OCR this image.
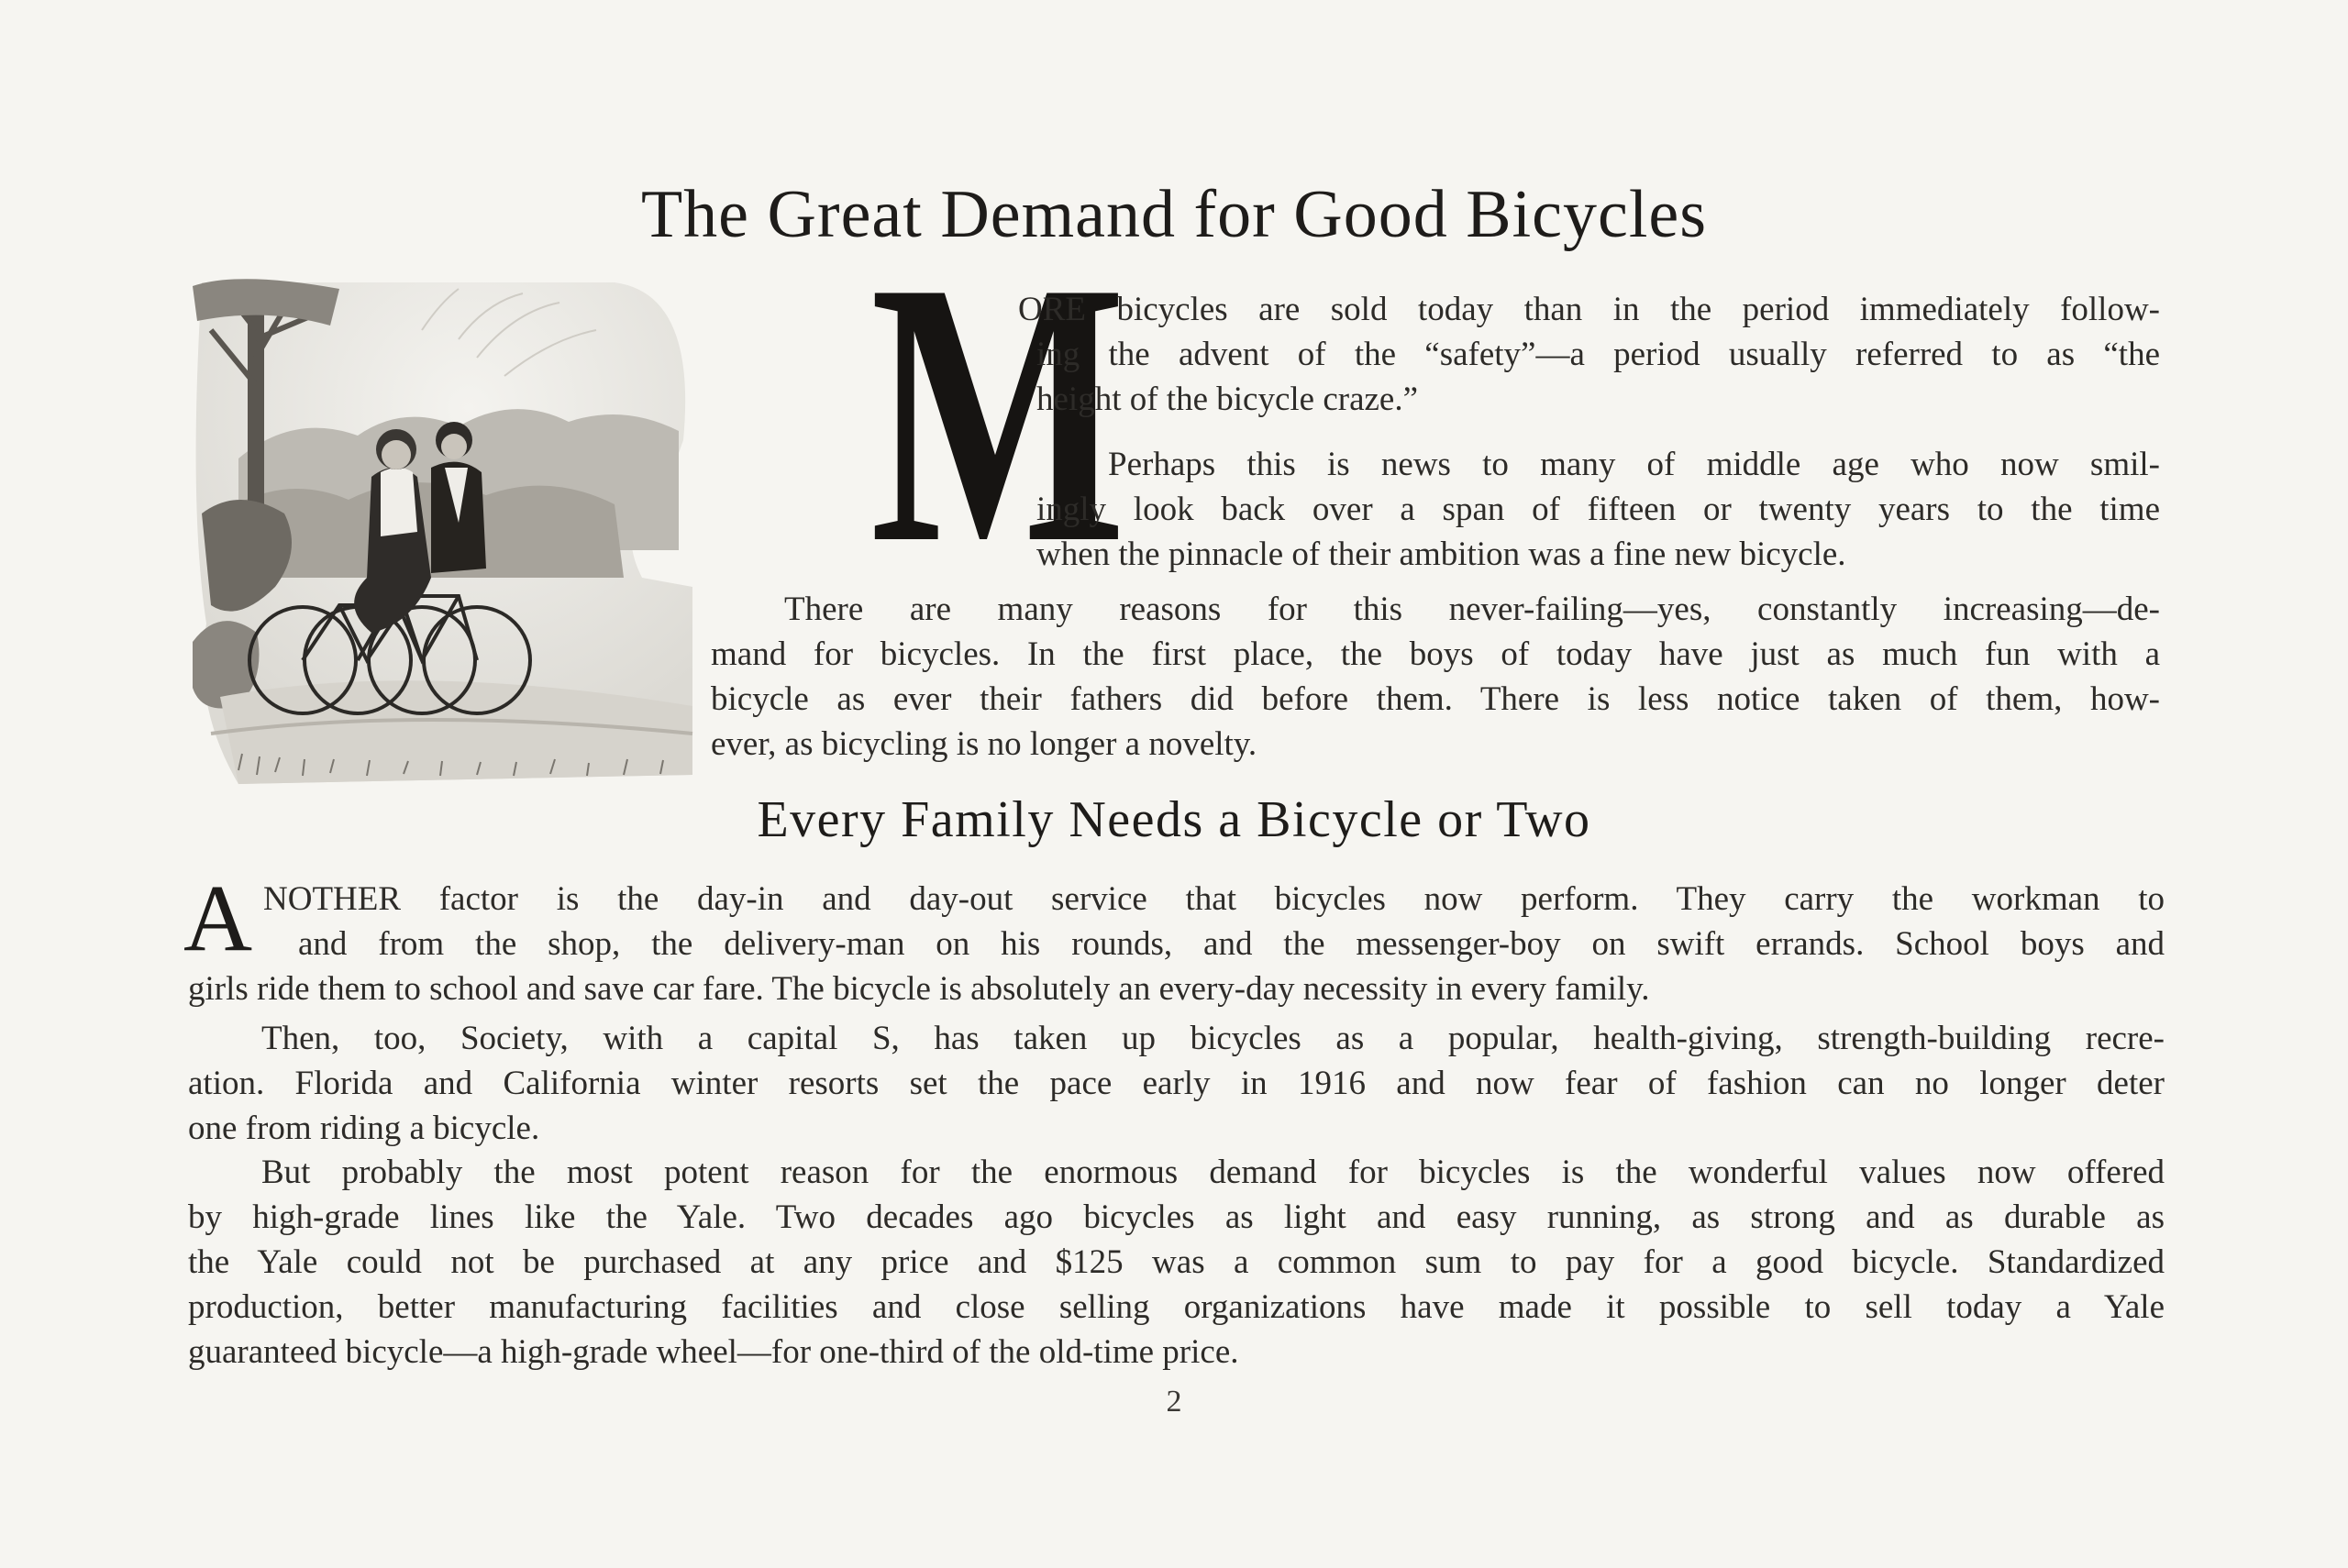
The Great Demand for Good Bicycles
M
ORE bicycles are sold today than in the period immediately follow-
ing the advent of the “safety”—a period usually referred to as “the
height of the bicycle craze.”
Perhaps this is news to many of middle age who now smil-
ingly look back over a span of fifteen or twenty years to the time
when the pinnacle of their ambition was a fine new bicycle.
There are many reasons for this never-failing—yes, constantly increasing—de-
mand for bicycles. In the first place, the boys of today have just as much fun with a
bicycle as ever their fathers did before them. There is less notice taken of them, how-
ever, as bicycling is no longer a novelty.
Every Family Needs a Bicycle or Two
A NOTHER factor is the day-in and day-out service that bicycles now perform. They carry the workman to
and from the shop, the delivery-man on his rounds, and the messenger-boy on swift errands. School boys and
girls ride them to school and save car fare. The bicycle is absolutely an every-day necessity in every family.
Then, too, Society, with a capital S, has taken up bicycles as a popular, health-giving, strength-building recre-
ation. Florida and California winter resorts set the pace early in 1916 and now fear of fashion can no longer deter
one from riding a bicycle.
But probably the most potent reason for the enormous demand for bicycles is the wonderful values now offered
by high-grade lines like the Yale. Two decades ago bicycles as light and easy running, as strong and as durable as
the Yale could not be purchased at any price and $125 was a common sum to pay for a good bicycle. Standardized
production, better manufacturing facilities and close selling organizations have made it possible to sell today a Yale
guaranteed bicycle—a high-grade wheel—for one-third of the old-time price.
2
